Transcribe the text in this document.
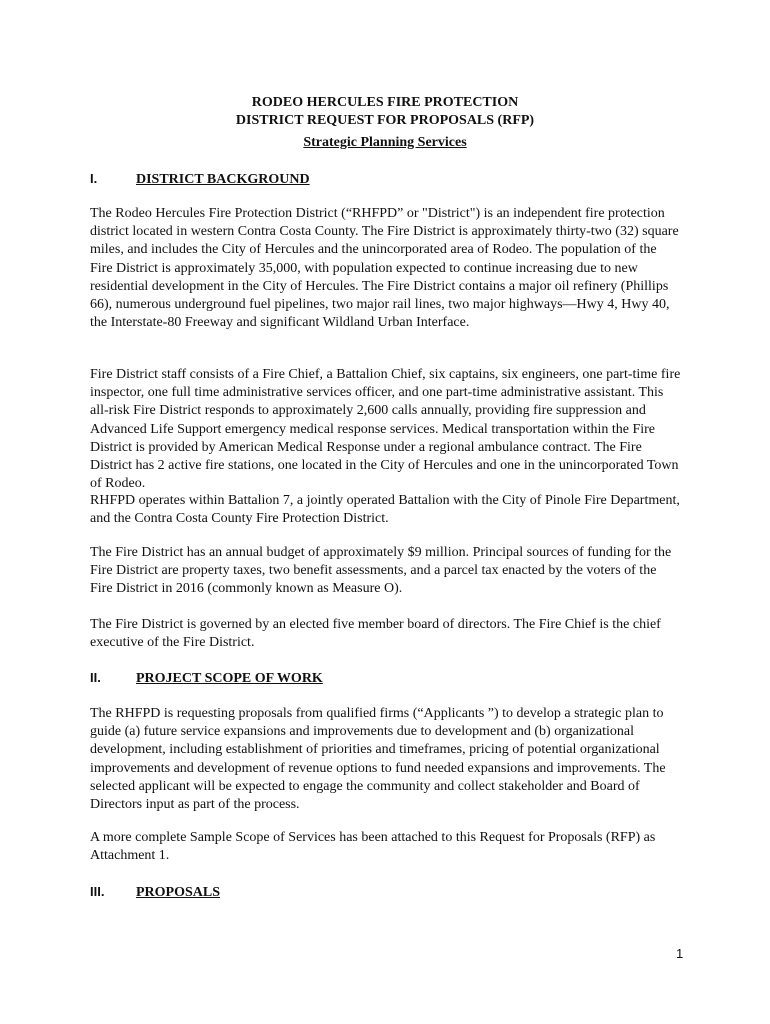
RODEO HERCULES FIRE PROTECTION
DISTRICT REQUEST FOR PROPOSALS (RFP)
Strategic Planning Services
I.	DISTRICT BACKGROUND

The Rodeo Hercules Fire Protection District (“RHFPD” or "District") is an independent fire protection district located in western Contra Costa County. The Fire District is approximately thirty-two (32) square miles, and includes the City of Hercules and the unincorporated area of Rodeo. The population of the Fire District is approximately 35,000, with population expected to continue increasing due to new residential development in the City of Hercules. The Fire District contains a major oil refinery (Phillips 66), numerous underground fuel pipelines, two major rail lines, two major highways—Hwy 4, Hwy 40, the Interstate-80 Freeway and significant Wildland Urban Interface.

Fire District staff consists of a Fire Chief, a Battalion Chief, six captains, six engineers, one part-time fire inspector, one full time administrative services officer, and one part-time administrative assistant. This all-risk Fire District responds to approximately 2,600 calls annually, providing fire suppression and Advanced Life Support emergency medical response services. Medical transportation within the Fire District is provided by American Medical Response under a regional ambulance contract. The Fire District has 2 active fire stations, one located in the City of Hercules and one in the unincorporated Town of Rodeo.

RHFPD operates within Battalion 7, a jointly operated Battalion with the City of Pinole Fire Department, and the Contra Costa County Fire Protection District.

The Fire District has an annual budget of approximately $9 million. Principal sources of funding for the Fire District are property taxes, two benefit assessments, and a parcel tax enacted by the voters of the Fire District in 2016 (commonly known as Measure O).

The Fire District is governed by an elected five member board of directors. The Fire Chief is the chief executive of the Fire District.

II.	PROJECT SCOPE OF WORK

The RHFPD is requesting proposals from qualified firms (“Applicants ”) to develop a strategic plan to guide (a) future service expansions and improvements due to development and (b) organizational development, including establishment of priorities and timeframes, pricing of potential organizational improvements and development of revenue options to fund needed expansions and improvements. The selected applicant will be expected to engage the community and collect stakeholder and Board of Directors input as part of the process.

A more complete Sample Scope of Services has been attached to this Request for Proposals (RFP) as Attachment 1.

III. PROPOSALS
1
